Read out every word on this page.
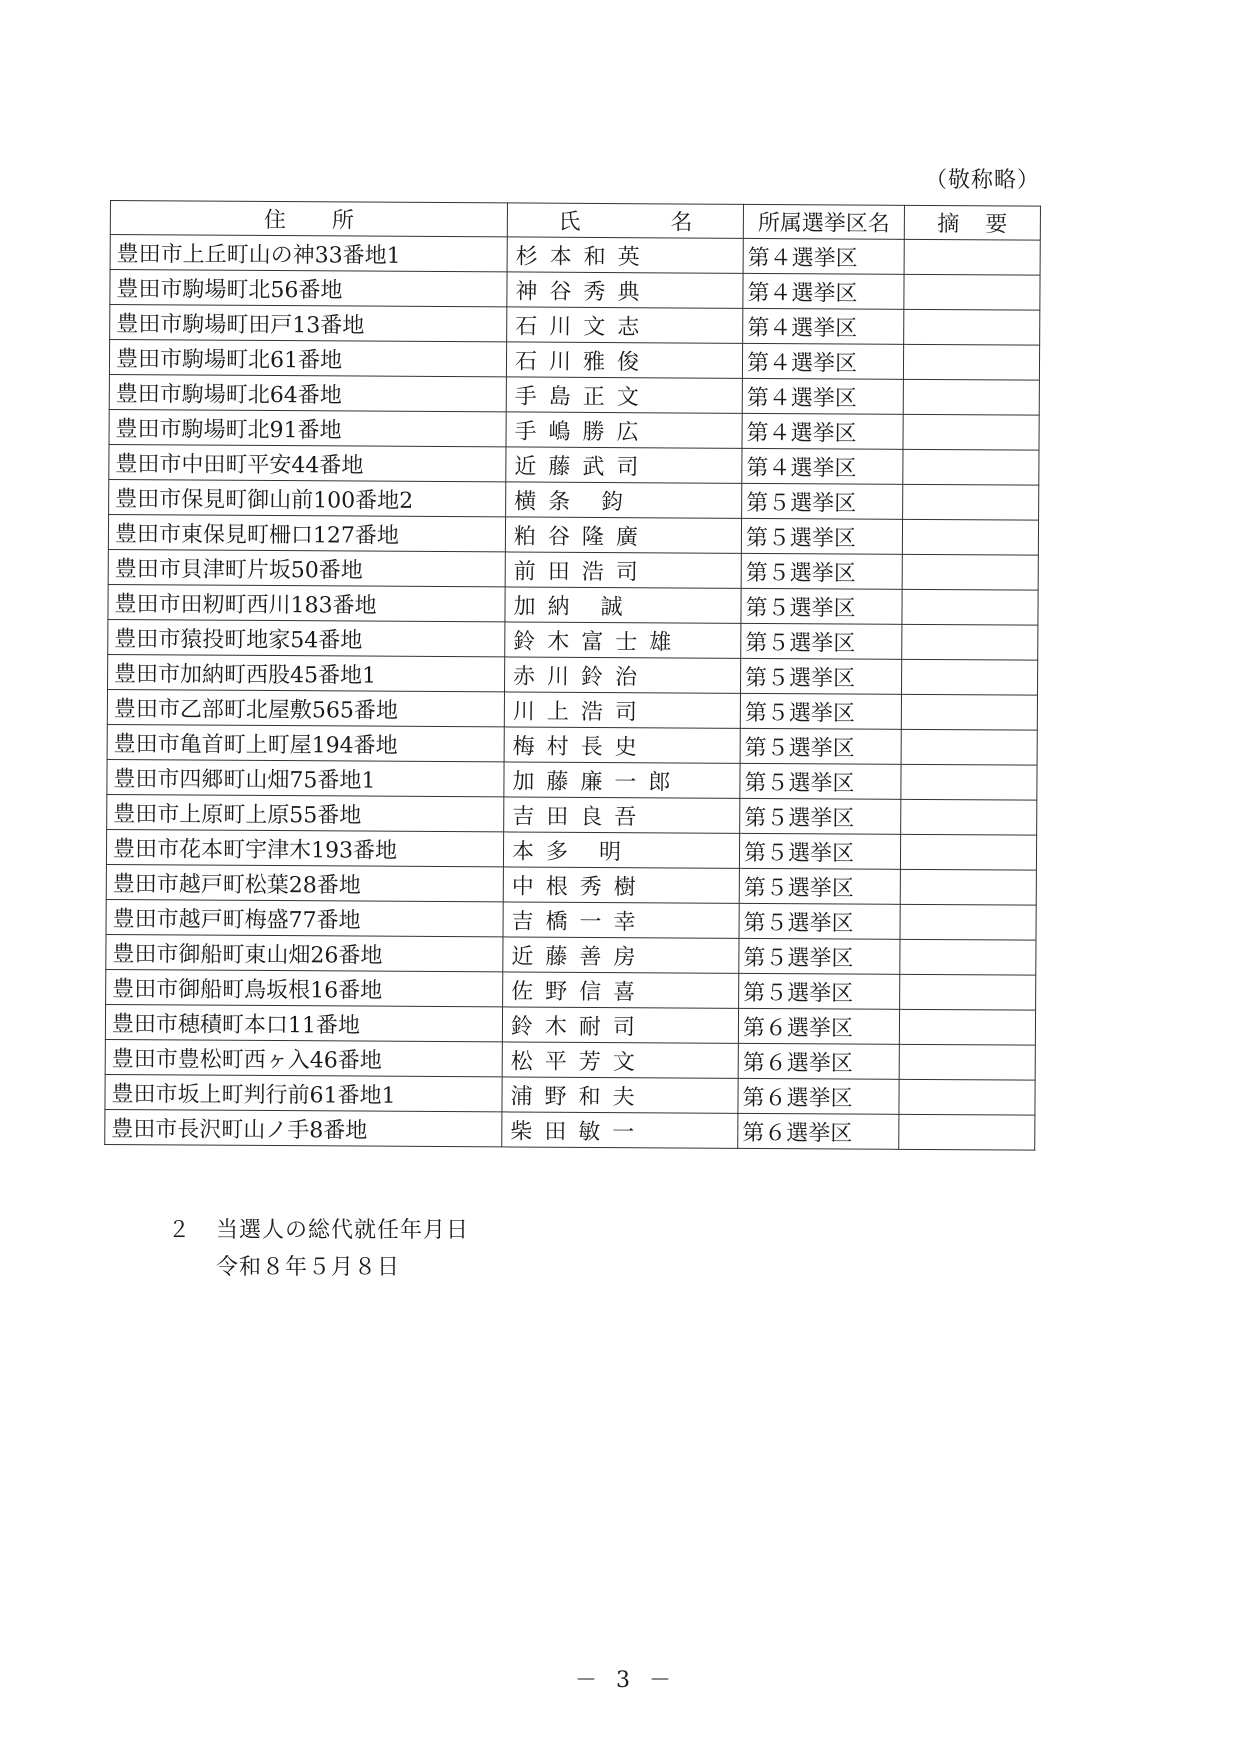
（敬称略）
住所	氏名	所属選挙区名	摘要
豊田市上丘町山の神33番地1	杉本和英	第４選挙区	
豊田市駒場町北56番地	神谷秀典	第４選挙区	
豊田市駒場町田戸13番地	石川文志	第４選挙区	
豊田市駒場町北61番地	石川雅俊	第４選挙区	
豊田市駒場町北64番地	手島正文	第４選挙区	
豊田市駒場町北91番地	手嶋勝広	第４選挙区	
豊田市中田町平安44番地	近藤武司	第４選挙区	
豊田市保見町御山前100番地2	横条 鈞	第５選挙区	
豊田市東保見町柵口127番地	粕谷隆廣	第５選挙区	
豊田市貝津町片坂50番地	前田浩司	第５選挙区	
豊田市田籾町西川183番地	加納 誠	第５選挙区	
豊田市猿投町地家54番地	鈴木富士雄	第５選挙区	
豊田市加納町西股45番地1	赤川鈴治	第５選挙区	
豊田市乙部町北屋敷565番地	川上浩司	第５選挙区	
豊田市亀首町上町屋194番地	梅村長史	第５選挙区	
豊田市四郷町山畑75番地1	加藤廉一郎	第５選挙区	
豊田市上原町上原55番地	吉田良吾	第５選挙区	
豊田市花本町宇津木193番地	本多 明	第５選挙区	
豊田市越戸町松葉28番地	中根秀樹	第５選挙区	
豊田市越戸町梅盛77番地	吉橋一幸	第５選挙区	
豊田市御船町東山畑26番地	近藤善房	第５選挙区	
豊田市御船町鳥坂根16番地	佐野信喜	第５選挙区	
豊田市穂積町本口11番地	鈴木耐司	第６選挙区	
豊田市豊松町西ヶ入46番地	松平芳文	第６選挙区	
豊田市坂上町判行前61番地1	浦野和夫	第６選挙区	
豊田市長沢町山ノ手8番地	柴田敏一	第６選挙区	
２ 当選人の総代就任年月日
令和８年５月８日
－ 3 －
